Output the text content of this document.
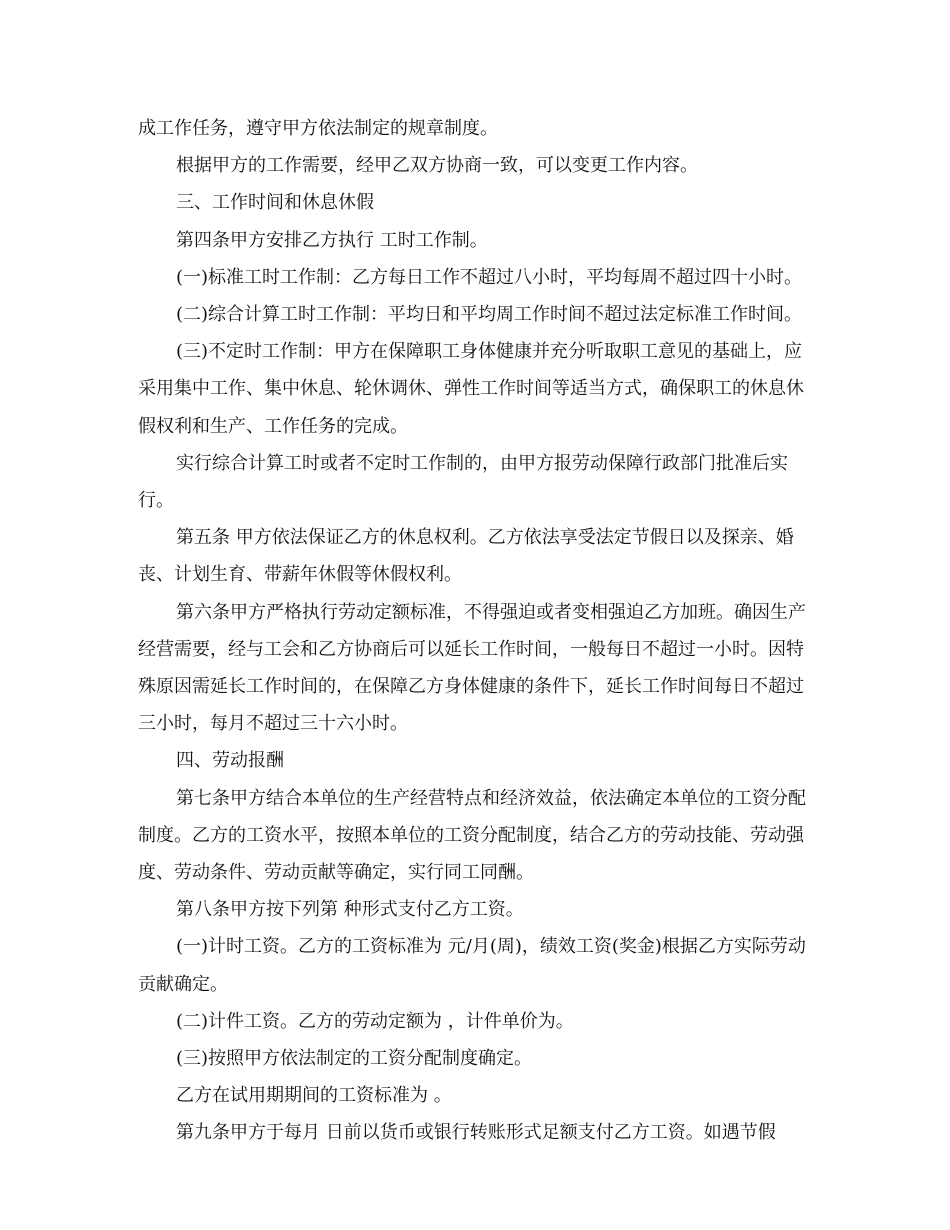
成工作任务，遵守甲方依法制定的规章制度。

根据甲方的工作需要，经甲乙双方协商一致，可以变更工作内容。

三、工作时间和休息休假

第四条甲方安排乙方执行 工时工作制。

(一)标准工时工作制：乙方每日工作不超过八小时，平均每周不超过四十小时。

(二)综合计算工时工作制：平均日和平均周工作时间不超过法定标准工作时间。

(三)不定时工作制：甲方在保障职工身体健康并充分听取职工意见的基础上，应采用集中工作、集中休息、轮休调休、弹性工作时间等适当方式，确保职工的休息休假权利和生产、工作任务的完成。

实行综合计算工时或者不定时工作制的，由甲方报劳动保障行政部门批准后实行。

第五条 甲方依法保证乙方的休息权利。乙方依法享受法定节假日以及探亲、婚丧、计划生育、带薪年休假等休假权利。

第六条甲方严格执行劳动定额标准，不得强迫或者变相强迫乙方加班。确因生产经营需要，经与工会和乙方协商后可以延长工作时间，一般每日不超过一小时。因特殊原因需延长工作时间的，在保障乙方身体健康的条件下，延长工作时间每日不超过三小时，每月不超过三十六小时。

四、劳动报酬

第七条甲方结合本单位的生产经营特点和经济效益，依法确定本单位的工资分配制度。乙方的工资水平，按照本单位的工资分配制度，结合乙方的劳动技能、劳动强度、劳动条件、劳动贡献等确定，实行同工同酬。

第八条甲方按下列第 种形式支付乙方工资。

(一)计时工资。乙方的工资标准为 元/月(周)，绩效工资(奖金)根据乙方实际劳动贡献确定。

(二)计件工资。乙方的劳动定额为 ，计件单价为。

(三)按照甲方依法制定的工资分配制度确定。

乙方在试用期期间的工资标准为 。

第九条甲方于每月 日前以货币或银行转账形式足额支付乙方工资。如遇节假
